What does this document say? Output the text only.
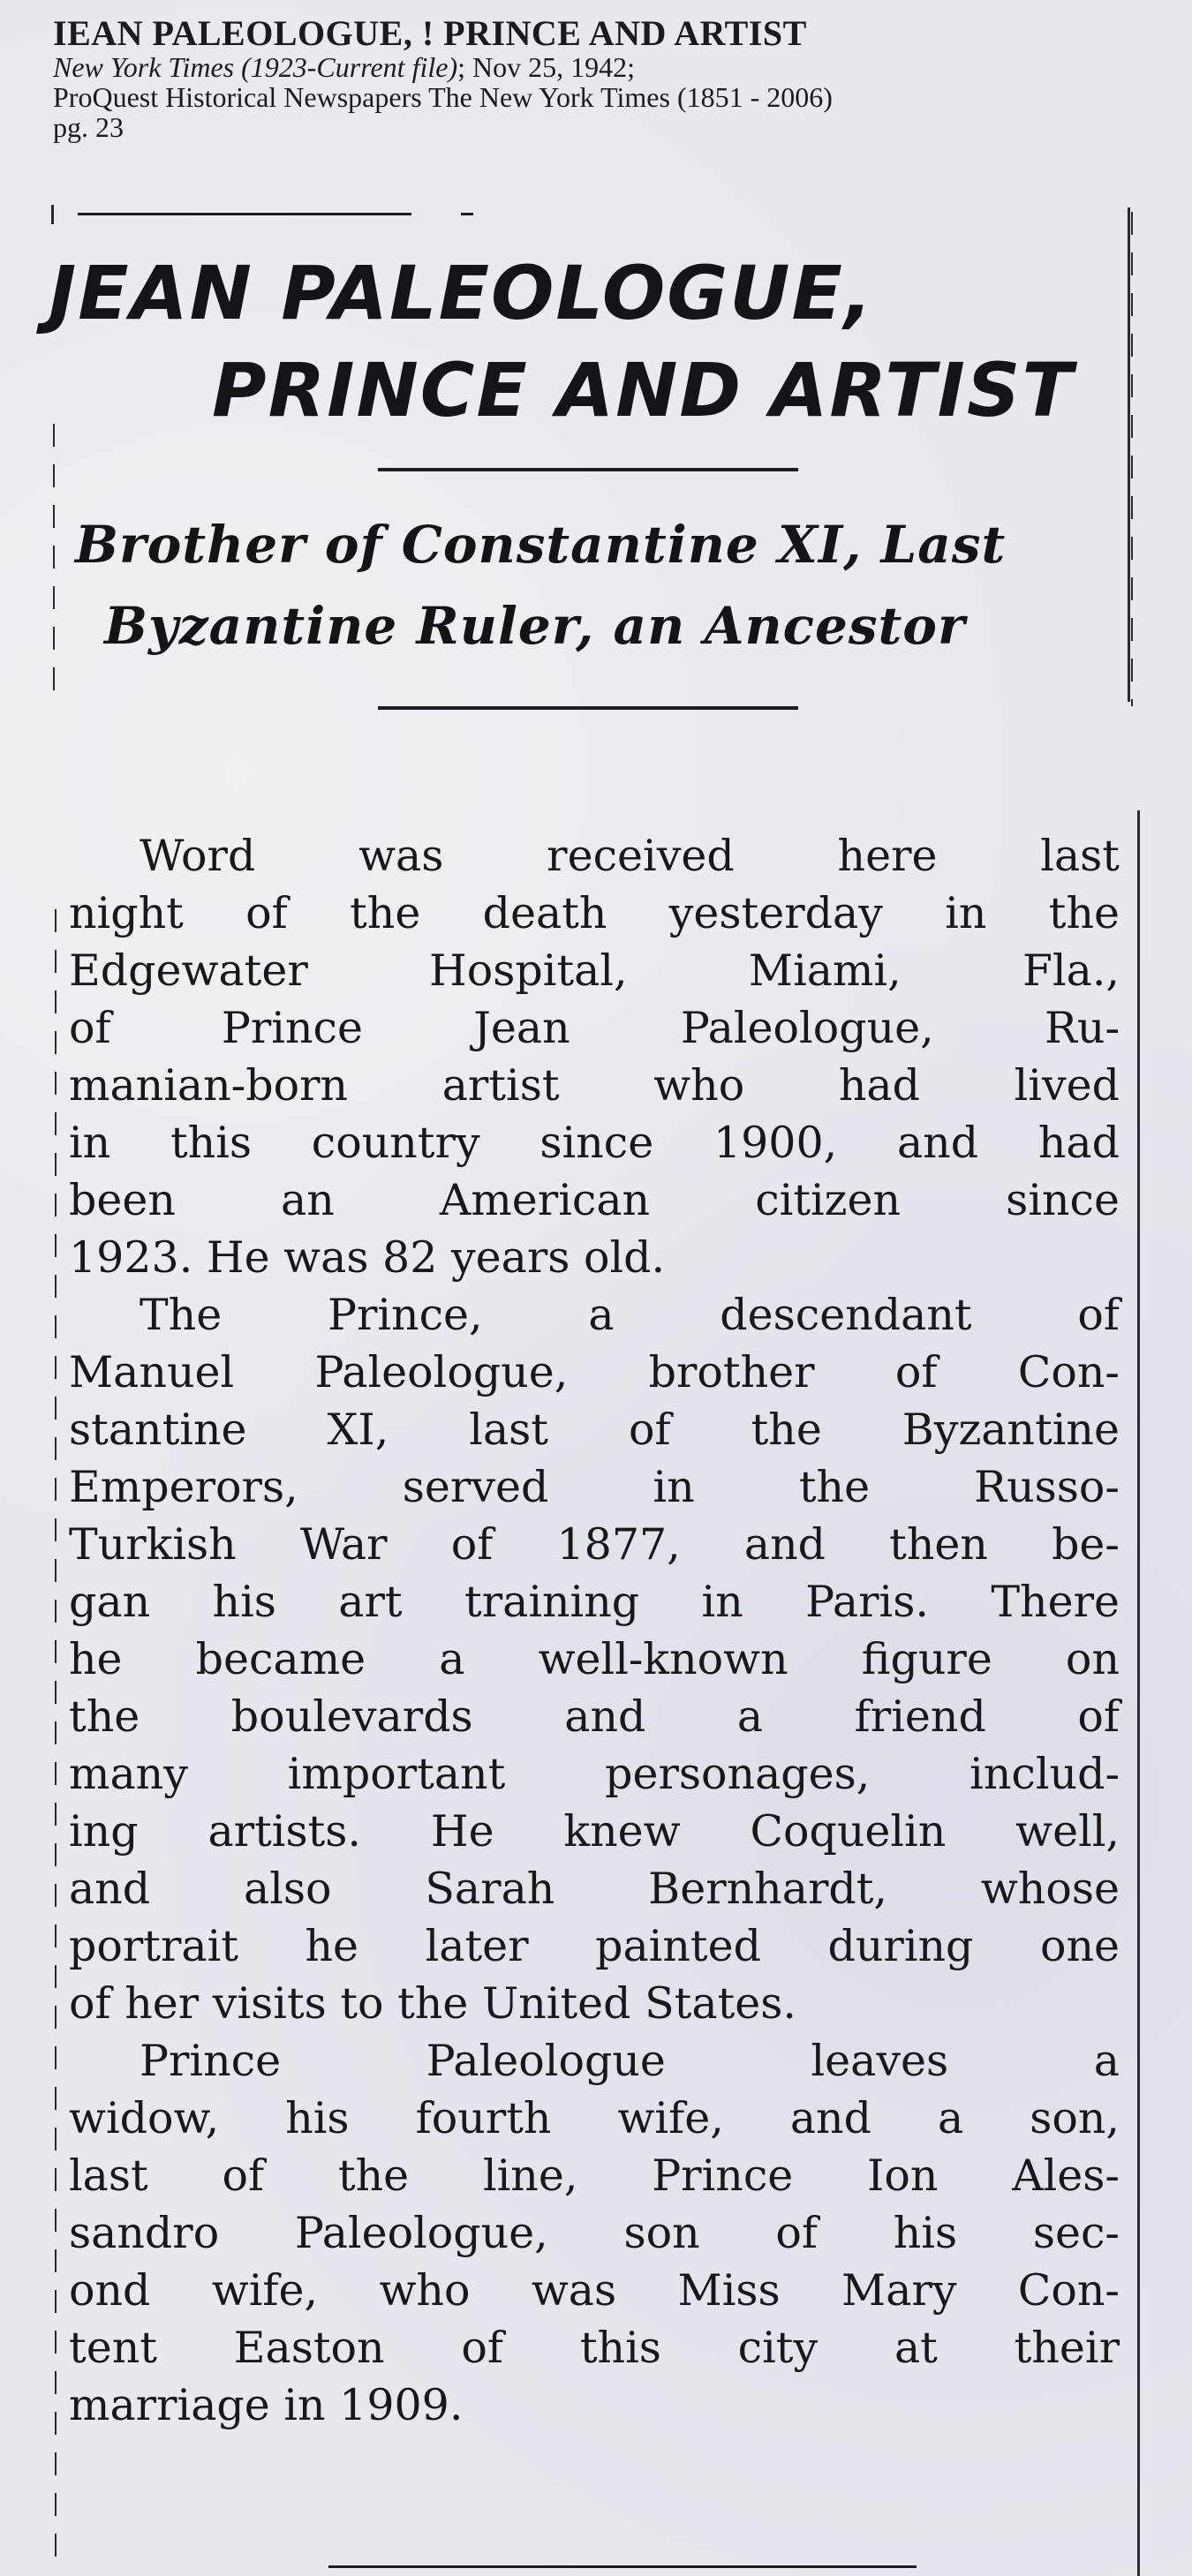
IEAN PALEOLOGUE, ! PRINCE AND ARTIST
New York Times (1923-Current file); Nov 25, 1942;
ProQuest Historical Newspapers The New York Times (1851 - 2006)
pg. 23
JEAN PALEOLOGUE,
PRINCE AND ARTIST
Brother of Constantine XI, Last
Byzantine Ruler, an Ancestor
Word was received here last
night of the death yesterday in the
Edgewater Hospital, Miami, Fla.,
of Prince Jean Paleologue, Ru-
manian-born artist who had lived
in this country since 1900, and had
been an American citizen since
1923. He was 82 years old.
The Prince, a descendant of
Manuel Paleologue, brother of Con-
stantine XI, last of the Byzantine
Emperors, served in the Russo-
Turkish War of 1877, and then be-
gan his art training in Paris. There
he became a well-known figure on
the boulevards and a friend of
many important personages, includ-
ing artists. He knew Coquelin well,
and also Sarah Bernhardt, whose
portrait he later painted during one
of her visits to the United States.
Prince Paleologue leaves a
widow, his fourth wife, and a son,
last of the line, Prince Ion Ales-
sandro Paleologue, son of his sec-
ond wife, who was Miss Mary Con-
tent Easton of this city at their
marriage in 1909.
